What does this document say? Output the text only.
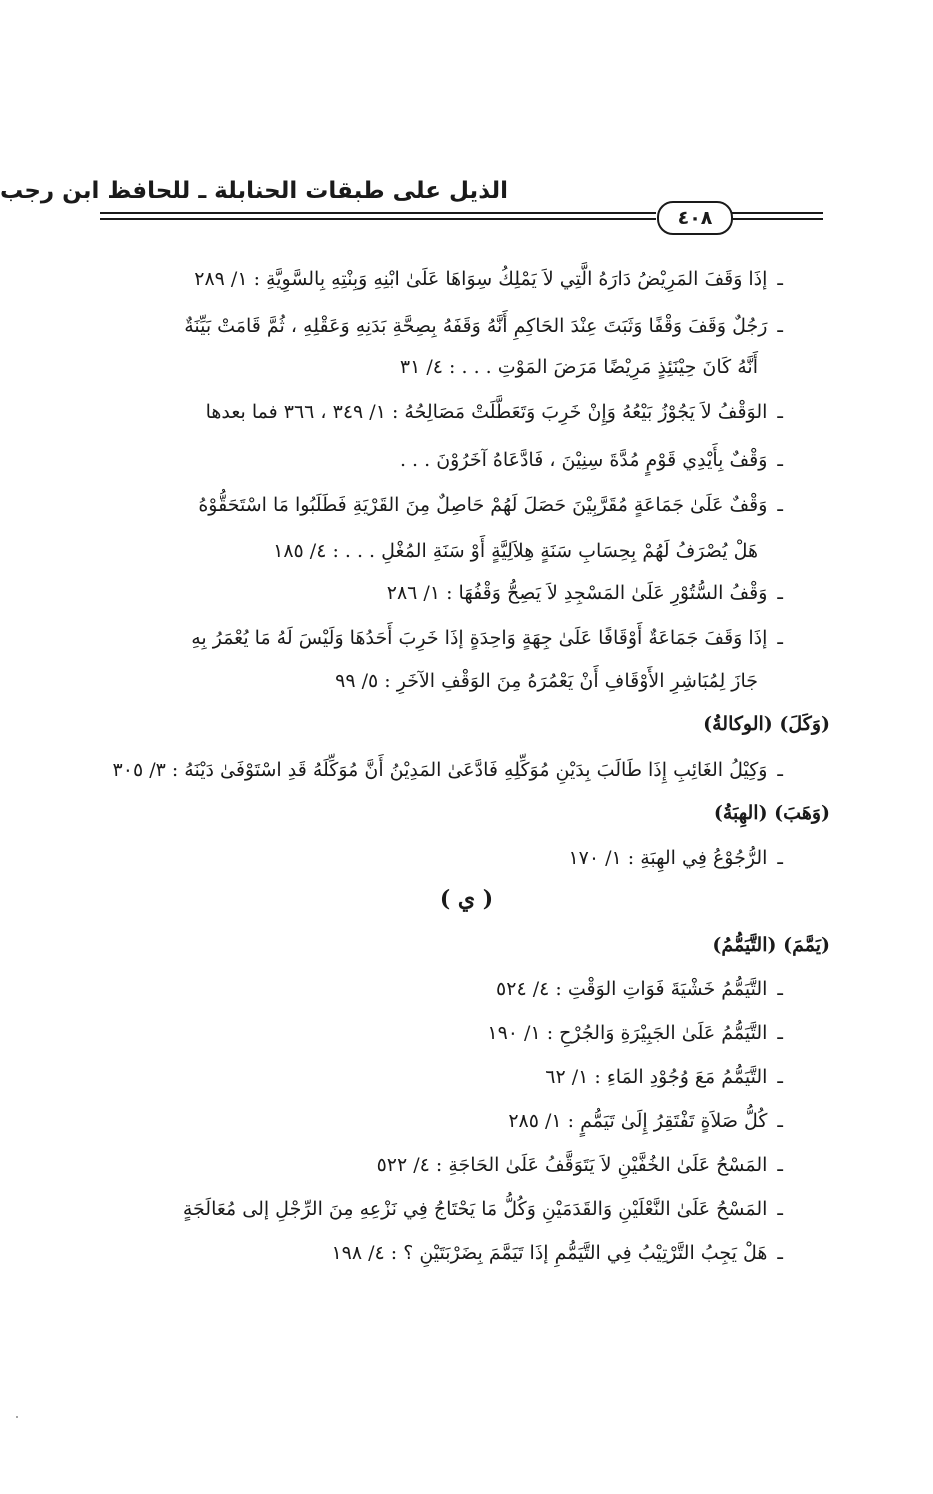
الذيل على طبقات الحنابلة ـ للحافظ ابن رجب
٤٠٨
ـإذَا وَقَفَ المَرِيْضُ دَارَهُ الَّتِي لاَ يَمْلِكُ سِوَاهَا عَلَىٰ ابْنِهِ وَبِنْتِهِ بِالسَّوِيَّةِ : ١/ ٢٨٩
ـرَجُلٌ وَقَفَ وَقْفًا وَثَبَتَ عِنْدَ الحَاكِمِ أَنَّهُ وَقَفَهُ بِصِحَّةِ بَدَنِهِ وَعَقْلِهِ ، ثُمَّ قَامَتْ بَيِّنَةٌ
أَنَّهُ كَانَ حِيْنَئِذٍ مَرِيْضًا مَرَضَ المَوْتِ . . . : ٤/ ٣١
ـالوَقْفُ لاَ يَجُوْزُ بَيْعُهُ وَإِنْ خَرِبَ وَتَعَطَّلَتْ مَصَالِحُهُ : ١/ ٣٤٩ ، ٣٦٦ فما بعدها
ـوَقْفٌ بِأَيْدِي قَوْمٍ مُدَّةَ سِنِيْنَ ، فَادَّعَاهُ آخَرُوْنَ . . .
ـوَقْفٌ عَلَىٰ جَمَاعَةٍ مُقَرَّبِيْنَ حَصَلَ لَهُمْ حَاصِلٌ مِنَ القَرْيَةِ فَطَلَبُوا مَا اسْتَحَقُّوْهُ
هَلْ يُصْرَفُ لَهُمْ بِحِسَابِ سَنَةٍ هِلاَلِيَّةٍ أَوْ سَنَةِ المُغْلِ . . . : ٤/ ١٨٥
ـوَقْفُ السُّتُوْرِ عَلَىٰ المَسْجِدِ لاَ يَصِحُّ وَقْفُهَا : ١/ ٢٨٦
ـإذَا وَقَفَ جَمَاعَةٌ أَوْقَافًا عَلَىٰ جِهَةٍ وَاحِدَةٍ إذَا خَرِبَ أَحَدُهَا وَلَيْسَ لَهُ مَا يُعْمَرُ بِهِ
جَازَ لِمُبَاشِرِ الأَوْقَافِ أَنْ يَعْمُرَهُ مِنَ الوَقْفِ الآخَرِ : ٥/ ٩٩
(وَكَلَ) (الوكالةُ)
ـوَكِيْلُ الغَائِبِ إِذَا طَالَبَ بِدَيْنِ مُوَكِّلِهِ فَادَّعَىٰ المَدِيْنُ أَنَّ مُوَكِّلَهُ قَدِ اسْتَوْفَىٰ دَيْنَهُ : ٣/ ٣٠٥
(وَهَبَ) (الهِبَةُ)
ـالرُّجُوْعُ فِي الهِبَةِ : ١/ ١٧٠
( ي )
(يَمَّمَ) (التَّيَمُّمُ)
ـالتَّيَمُّمُ خَشْيَةَ فَوَاتِ الوَقْتِ : ٤/ ٥٢٤
ـالتَّيَمُّمُ عَلَىٰ الجَبِيْرَةِ وَالجُرْحِ : ١/ ١٩٠
ـالتَّيَمُّمُ مَعَ وُجُوْدِ المَاءِ : ١/ ٦٢
ـكُلُّ صَلاَةٍ تَفْتَقِرُ إِلَىٰ تَيَمُّمٍ : ١/ ٢٨٥
ـالمَسْحُ عَلَىٰ الخُفَّيْنِ لاَ يَتَوَقَّفُ عَلَىٰ الحَاجَةِ : ٤/ ٥٢٢
ـالمَسْحُ عَلَىٰ النَّعْلَيْنِ وَالقَدَمَيْنِ وَكُلُّ مَا يَحْتَاجُ فِي نَزْعِهِ مِنَ الرِّجْلِ إلى مُعَالَجَةٍ
ـهَلْ يَجِبُ التَّرْتِيْبُ فِي التَّيَمُّمِ إذَا تَيَمَّمَ بِضَرْبَتَيْنِ ؟ : ٤/ ١٩٨
